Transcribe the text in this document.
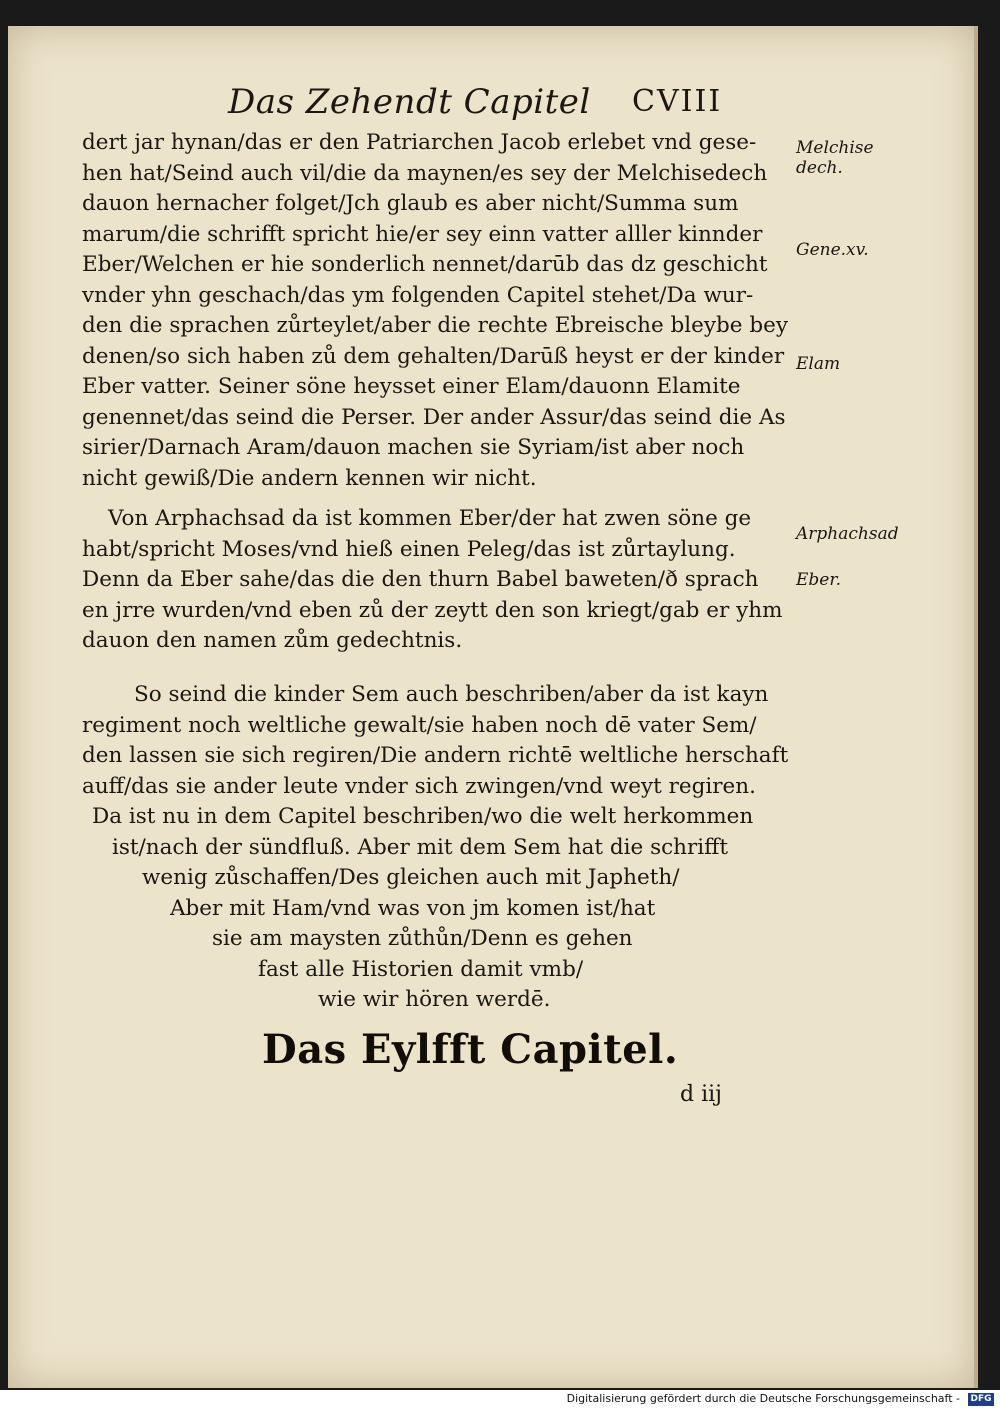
Das Zehendt Capitel CVIII
dert jar hynan/das er den Patriarchen Jacob erlebet vnd gese-
hen hat/Seind auch vil/die da maynen/es sey der Melchisedech
dauon hernacher folget/Jch glaub es aber nicht/Summa sum
marum/die schrifft spricht hie/er sey einn vatter alller kinnder
Eber/Welchen er hie sonderlich nennet/darūb das dz geschicht
vnder yhn geschach/das ym folgenden Capitel stehet/Da wur-
den die sprachen zůrteylet/aber die rechte Ebreische bleybe bey
denen/so sich haben zů dem gehalten/Darūß heyst er der kinder
Eber vatter. Seiner söne heysset einer Elam/dauonn Elamite
genennet/das seind die Perser. Der ander Assur/das seind die As
sirier/Darnach Aram/dauon machen sie Syriam/ist aber noch
nicht gewiß/Die andern kennen wir nicht.
Von Arphachsad da ist kommen Eber/der hat zwen söne ge
habt/spricht Moses/vnd hieß einen Peleg/das ist zůrtaylung.
Denn da Eber sahe/das die den thurn Babel baweten/ð sprach
en jrre wurden/vnd eben zů der zeytt den son kriegt/gab er yhm
dauon den namen zům gedechtnis.
So seind die kinder Sem auch beschriben/aber da ist kayn
regiment noch weltliche gewalt/sie haben noch dē vater Sem/
den lassen sie sich regiren/Die andern richtē weltliche herschaft
auff/das sie ander leute vnder sich zwingen/vnd weyt regiren.
Da ist nu in dem Capitel beschriben/wo die welt herkommen
ist/nach der sündfluß. Aber mit dem Sem hat die schrifft
wenig zůschaffen/Des gleichen auch mit Japheth/
Aber mit Ham/vnd was von jm komen ist/hat
sie am maysten zůthůn/Denn es gehen
fast alle Historien damit vmb/
wie wir hören werdē.
Melchise
dech.
Gene.xv.
Elam
Arphachsad
Eber.
Das Eylfft Capitel.
d iij
Digitalisierung gefördert durch die Deutsche Forschungsgemeinschaft - DFG
